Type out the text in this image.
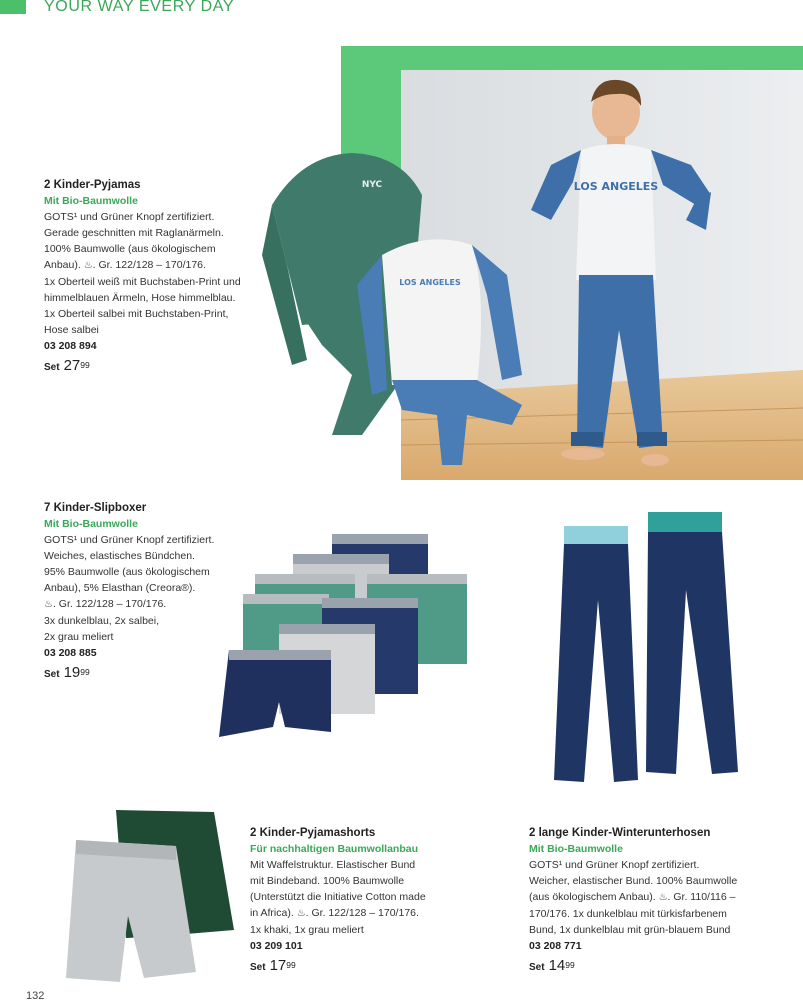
YOUR WAY EVERY DAY
LOS ANGELES
NYC
LOS ANGELES
2 Kinder-Pyjamas
Mit Bio-Baumwolle
GOTS¹ und Grüner Knopf zertifiziert.
Gerade geschnitten mit Raglanärmeln.
100% Baumwolle (aus ökologischem
Anbau). ♨. Gr. 122/128 – 170/176.
1x Oberteil weiß mit Buchstaben-Print und
himmelblauen Ärmeln, Hose himmelblau.
1x Oberteil salbei mit Buchstaben-Print,
Hose salbei
03 208 894
Set $27^{99}$
7 Kinder-Slipboxer
Mit Bio-Baumwolle
GOTS¹ und Grüner Knopf zertifiziert.
Weiches, elastisches Bündchen.
95% Baumwolle (aus ökologischem
Anbau), 5% Elasthan (Creora®).
♨. Gr. 122/128 – 170/176.
3x dunkelblau, 2x salbei,
2x grau meliert
03 208 885
Set $19^{99}$
2 Kinder-Pyjamashorts
Für nachhaltigen Baumwollanbau
Mit Waffelstruktur. Elastischer Bund
mit Bindeband. 100% Baumwolle
(Unterstützt die Initiative Cotton made
in Africa). ♨. Gr. 122/128 – 170/176.
1x khaki, 1x grau meliert
03 209 101
Set $17^{99}$
2 lange Kinder-Winterunterhosen
Mit Bio-Baumwolle
GOTS¹ und Grüner Knopf zertifiziert.
Weicher, elastischer Bund. 100% Baumwolle
(aus ökologischem Anbau). ♨. Gr. 110/116 –
170/176. 1x dunkelblau mit türkisfarbenem
Bund, 1x dunkelblau mit grün-blauem Bund
03 208 771
Set $14^{99}$
132
